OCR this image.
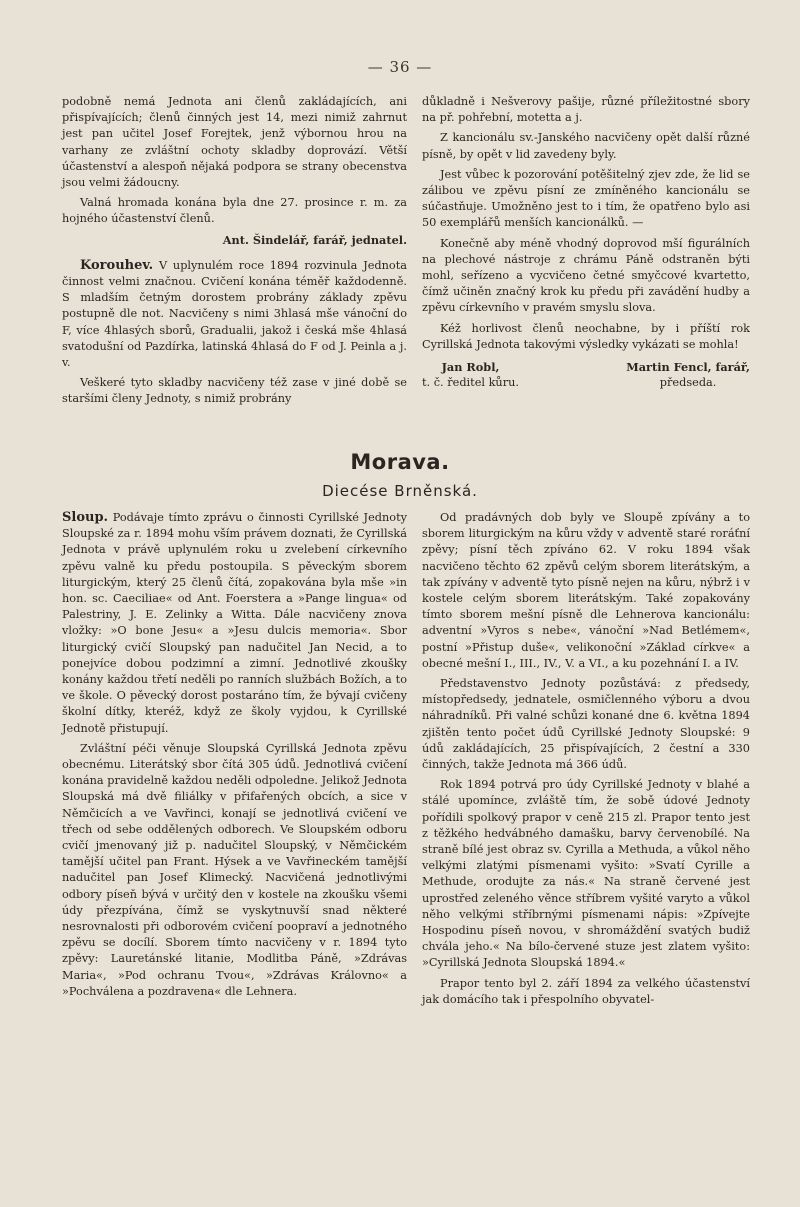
— 36 —

podobně nemá Jednota ani členů zakládajících, ani přispívajících; členů činných jest 14, mezi nimiž zahrnut jest pan učitel Josef Forejtek, jenž výbornou hrou na varhany ze zvláštní ochoty skladby doprovází. Větší účastenství a alespoň nějaká podpora se strany obecenstva jsou velmi žádoucny.

Valná hromada konána byla dne 27. prosince r. m. za hojného účastenství členů.

Ant. Šindelář, farář, jednatel.

Korouhev. V uplynulém roce 1894 rozvinula Jednota činnost velmi značnou. Cvičení konána téměř každodenně. S mladším četným dorostem probrány základy zpěvu postupně dle not. Nacvičeny s nimi 3hlasá mše vánoční do F, více 4hlasých sborů, Gradualii, jakož i česká mše 4hlasá svatodušní od Pazdírka, latinská 4hlasá do F od J. Peinla a j. v.

Veškeré tyto skladby nacvičeny též zase v jiné době se staršími členy Jednoty, s nimiž probrány

důkladně i Nešverovy pašije, různé příležitostné sbory na př. pohřební, motetta a j.

Z kancionálu sv.-Janského nacvičeny opět další různé písně, by opět v lid zavedeny byly.

Jest vůbec k pozorování potěšitelný zjev zde, že lid se zálibou ve zpěvu písní ze zmíněného kancionálu se súčastňuje. Umožněno jest to i tím, že opatřeno bylo asi 50 exemplářů menších kancionálků. —

Konečně aby méně vhodný doprovod mší figurálních na plechové nástroje z chrámu Páně odstraněn býti mohl, seřízeno a vycvičeno četné smyčcové kvartetto, čímž učiněn značný krok ku předu při zavádění hudby a zpěvu církevního v pravém smyslu slova.

Kéž horlivost členů neochabne, by i příští rok Cyrillská Jednota takovými výsledky vykázati se mohla!

Jan Robl,
t. č. ředitel kůru.
Martin Fencl, farář,
předseda.
Morava.
Diecése Brněnská.

Sloup. Podávaje tímto zprávu o činnosti Cyrillské Jednoty Sloupské za r. 1894 mohu vším právem doznati, že Cyrillská Jednota v právě uplynulém roku u zvelebení církevního zpěvu valně ku předu postoupila. S pěveckým sborem liturgickým, který 25 členů čítá, zopakována byla mše »in hon. sc. Caeciliae« od Ant. Foerstera a »Pange lingua« od Palestriny, J. E. Zelinky a Witta. Dále nacvičeny znova vložky: »O bone Jesu« a »Jesu dulcis memoria«. Sbor liturgický cvičí Sloupský pan nadučitel Jan Necid, a to ponejvíce dobou podzimní a zimní. Jednotlivé zkoušky konány každou třetí neděli po ranních službách Božích, a to ve škole. O pěvecký dorost postaráno tím, že bývají cvičeny školní dítky, kteréž, když ze školy vyjdou, k Cyrillské Jednotě přistupují.

Zvláštní péči věnuje Sloupská Cyrillská Jednota zpěvu obecnému. Literátský sbor čítá 305 údů. Jednotlivá cvičení konána pravidelně každou neděli odpoledne. Jelikož Jednota Sloupská má dvě filiálky v přifařených obcích, a sice v Němčicích a ve Vavřinci, konají se jednotlivá cvičení ve třech od sebe oddělených odborech. Ve Sloupském odboru cvičí jmenovaný již p. nadučitel Sloupský, v Němčickém tamější učitel pan Frant. Hýsek a ve Vavřineckém tamější nadučitel pan Josef Klimecký. Nacvičená jednotlivými odbory píseň bývá v určitý den v kostele na zkoušku všemi údy přezpívána, čímž se vyskytnuvší snad některé nesrovnalosti při odborovém cvičení poopraví a jednotného zpěvu se docílí. Sborem tímto nacvičeny v r. 1894 tyto zpěvy: Lauretánské litanie, Modlitba Páně, »Zdrávas Maria«, »Pod ochranu Tvou«, »Zdrávas Královno« a »Pochválena a pozdravena« dle Lehnera.

Od pradávných dob byly ve Sloupě zpívány a to sborem liturgickým na kůru vždy v adventě staré roráťní zpěvy; písní těch zpíváno 62. V roku 1894 však nacvičeno těchto 62 zpěvů celým sborem literátským, a tak zpívány v adventě tyto písně nejen na kůru, nýbrž i v kostele celým sborem literátským. Také zopakovány tímto sborem mešní písně dle Lehnerova kancionálu: adventní »Vyros s nebe«, vánoční »Nad Betlémem«, postní »Přistup duše«, velikonoční »Základ církve« a obecné mešní I., III., IV., V. a VI., a ku pozehnání I. a IV.

Představenstvo Jednoty pozůstává: z předsedy, místopředsedy, jednatele, osmičlenného výboru a dvou náhradníků. Při valné schůzi konané dne 6. května 1894 zjištěn tento počet údů Cyrillské Jednoty Sloupské: 9 údů zakládajících, 25 přispívajících, 2 čestní a 330 činných, takže Jednota má 366 údů.

Rok 1894 potrvá pro údy Cyrillské Jednoty v blahé a stálé upomínce, zvláště tím, že sobě údové Jednoty pořídili spolkový prapor v ceně 215 zl. Prapor tento jest z těžkého hedvábného damašku, barvy červenobílé. Na straně bílé jest obraz sv. Cyrilla a Methuda, a vůkol něho velkými zlatými písmenami vyšito: »Svatí Cyrille a Methude, orodujte za nás.« Na straně červené jest uprostřed zeleného věnce stříbrem vyšité varyto a vůkol něho velkými stříbrnými písmenami nápis: »Zpívejte Hospodinu píseň novou, v shromáždění svatých budiž chvála jeho.« Na bílo-červené stuze jest zlatem vyšito: »Cyrillská Jednota Sloupská 1894.«

Prapor tento byl 2. září 1894 za velkého účastenství jak domácího tak i přespolního obyvatel-
